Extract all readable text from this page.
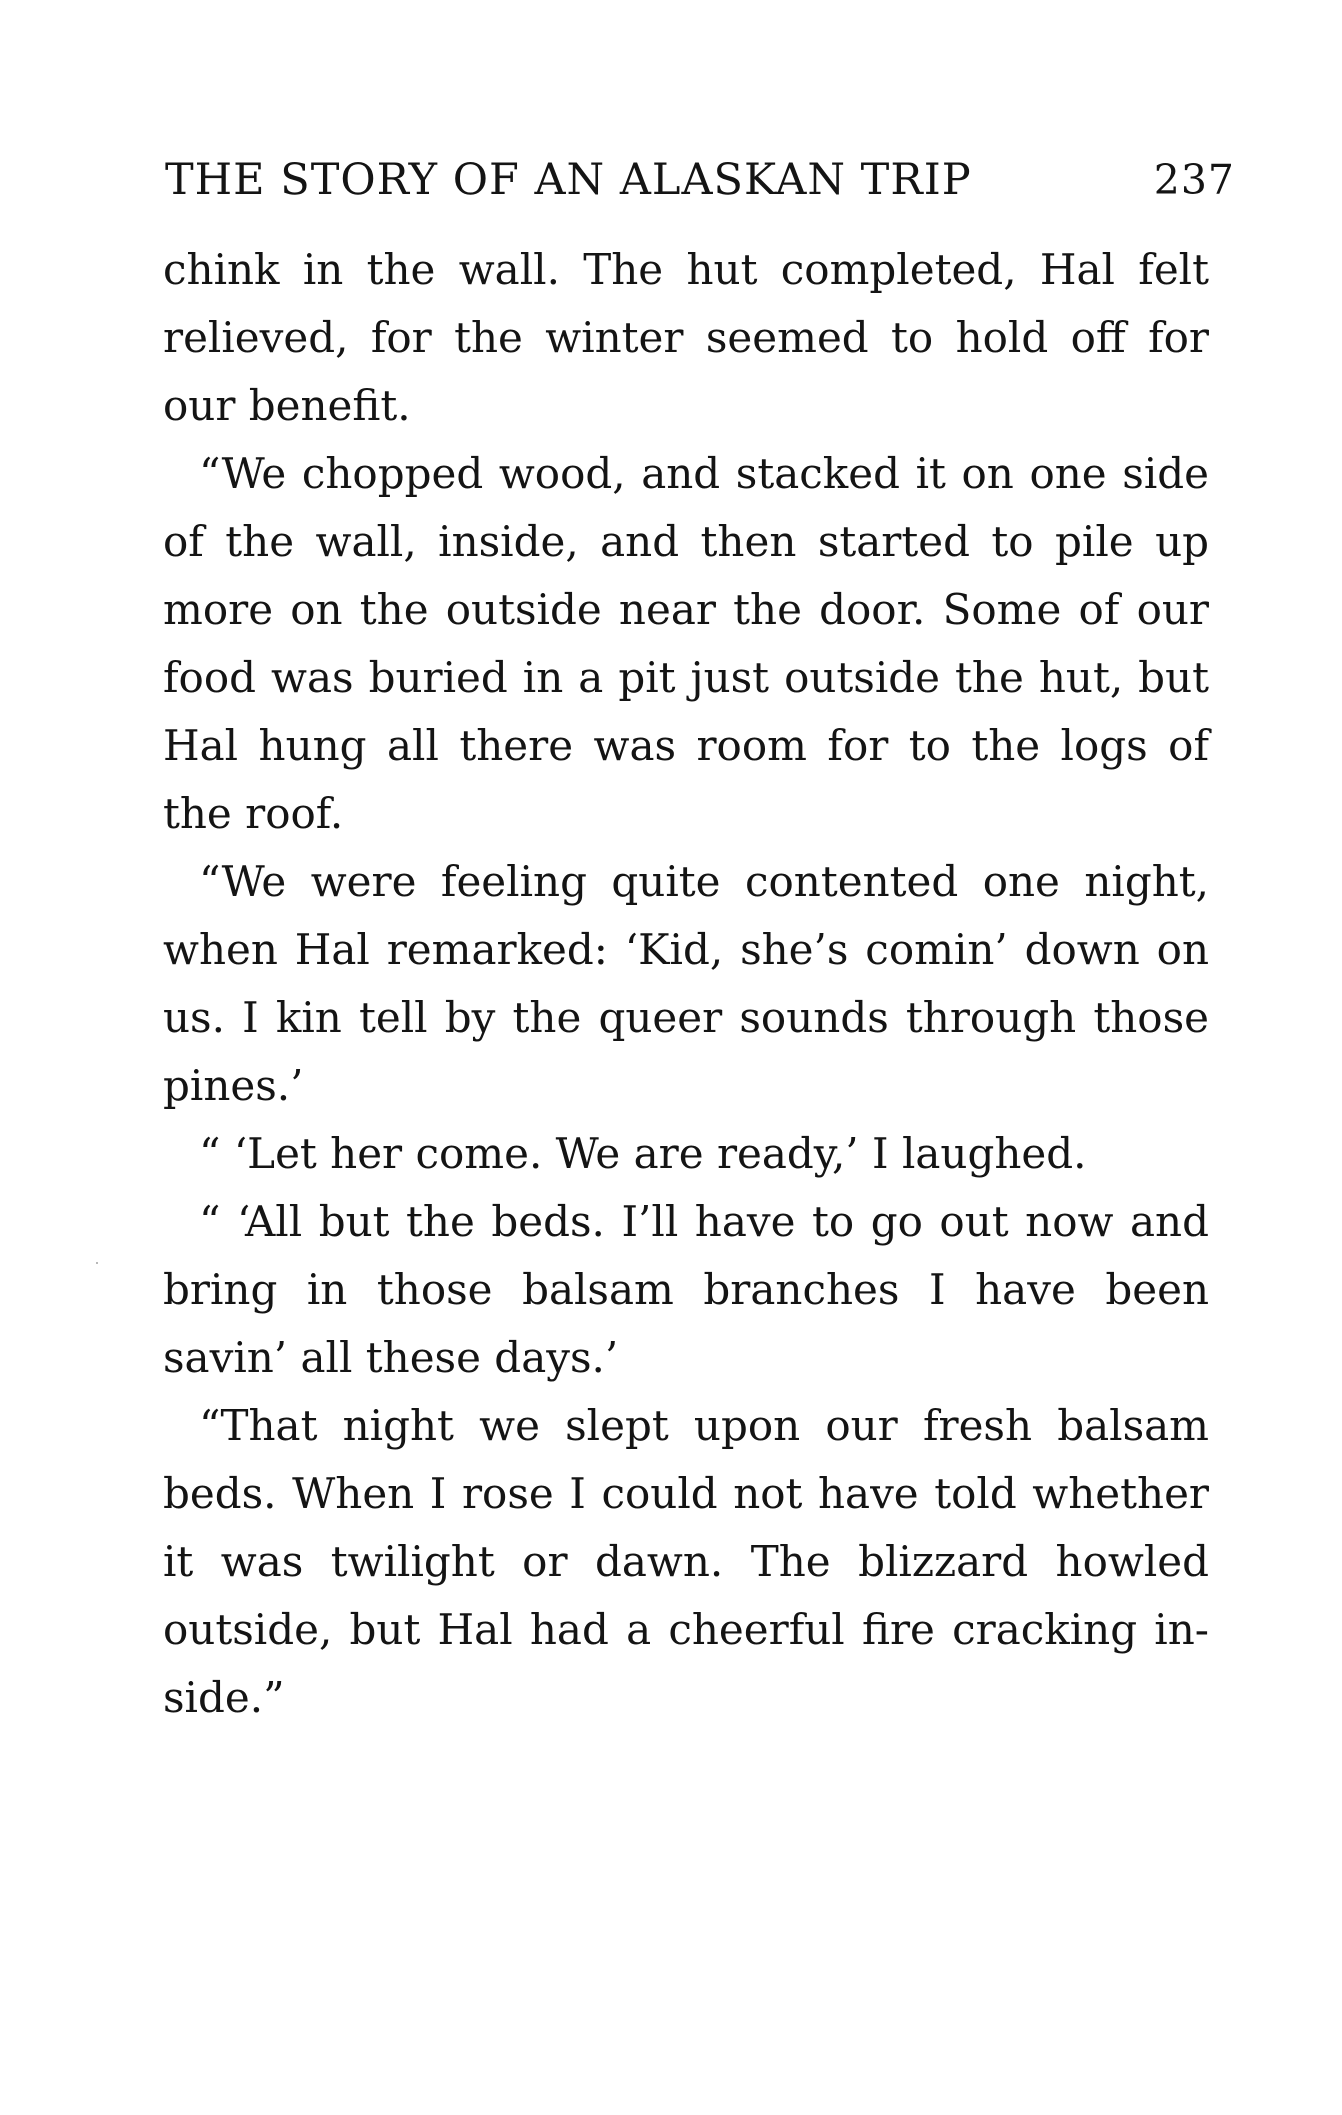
THE STORY OF AN ALASKAN TRIP	237

chink in the wall. The hut completed, Hal felt relieved, for the winter seemed to hold off for our benefit.

“We chopped wood, and stacked it on one side of the wall, inside, and then started to pile up more on the outside near the door. Some of our food was buried in a pit just outside the hut, but Hal hung all there was room for to the logs of the roof.

“We were feeling quite contented one night, when Hal remarked: ‘Kid, she’s comin’ down on us. I kin tell by the queer sounds through those pines.’

“ ‘Let her come. We are ready,’ I laughed.

“ ‘All but the beds. I’ll have to go out now and bring in those balsam branches I have been savin’ all these days.’

“That night we slept upon our fresh balsam beds. When I rose I could not have told whether it was twilight or dawn. The blizzard howled outside, but Hal had a cheerful fire cracking inside.”
